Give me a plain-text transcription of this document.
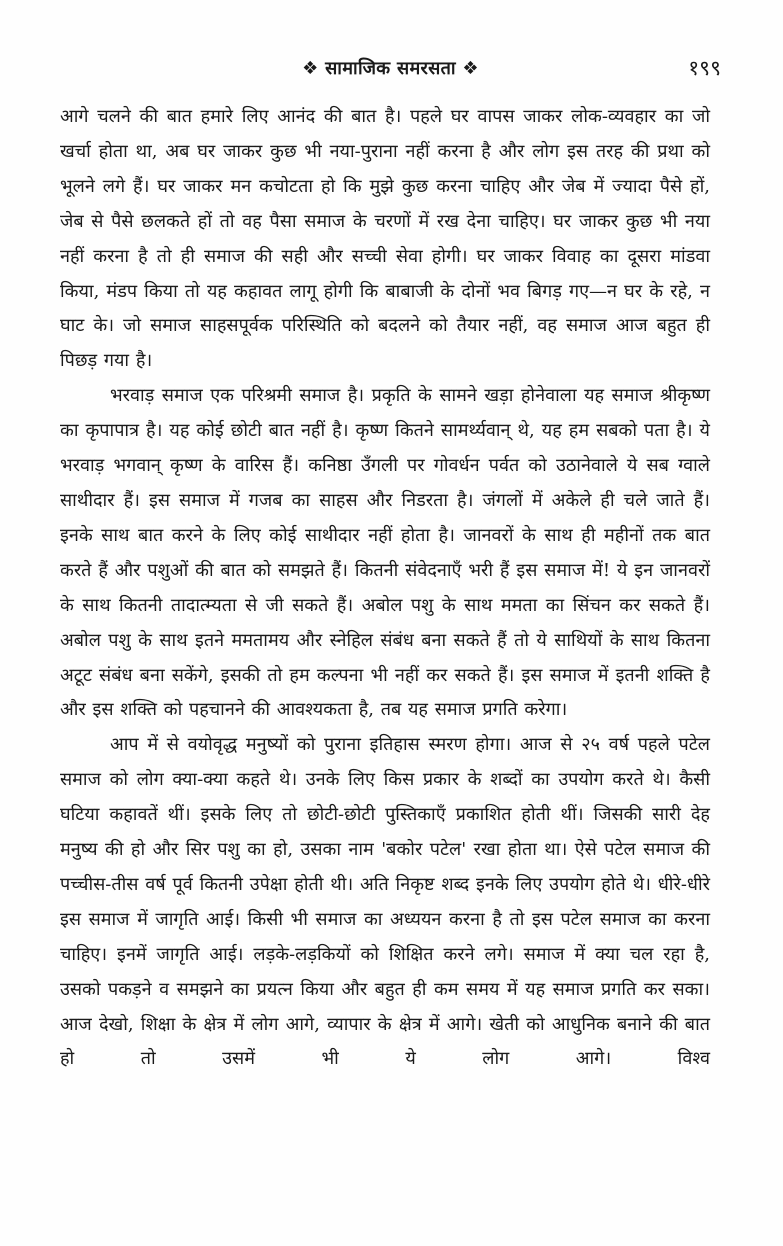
❖ सामाजिक समरसता ❖	१९९

आगे चलने की बात हमारे लिए आनंद की बात है। पहले घर वापस जाकर लोक-व्यवहार का जो खर्चा होता था, अब घर जाकर कुछ भी नया-पुराना नहीं करना है और लोग इस तरह की प्रथा को भूलने लगे हैं। घर जाकर मन कचोटता हो कि मुझे कुछ करना चाहिए और जेब में ज्यादा पैसे हों, जेब से पैसे छलकते हों तो वह पैसा समाज के चरणों में रख देना चाहिए। घर जाकर कुछ भी नया नहीं करना है तो ही समाज की सही और सच्ची सेवा होगी। घर जाकर विवाह का दूसरा मांडवा किया, मंडप किया तो यह कहावत लागू होगी कि बाबाजी के दोनों भव बिगड़ गए—न घर के रहे, न घाट के। जो समाज साहसपूर्वक परिस्थिति को बदलने को तैयार नहीं, वह समाज आज बहुत ही पिछड़ गया है।

भरवाड़ समाज एक परिश्रमी समाज है। प्रकृति के सामने खड़ा होनेवाला यह समाज श्रीकृष्ण का कृपापात्र है। यह कोई छोटी बात नहीं है। कृष्ण कितने सामर्थ्यवान् थे, यह हम सबको पता है। ये भरवाड़ भगवान् कृष्ण के वारिस हैं। कनिष्ठा उँगली पर गोवर्धन पर्वत को उठानेवाले ये सब ग्वाले साथीदार हैं। इस समाज में गजब का साहस और निडरता है। जंगलों में अकेले ही चले जाते हैं। इनके साथ बात करने के लिए कोई साथीदार नहीं होता है। जानवरों के साथ ही महीनों तक बात करते हैं और पशुओं की बात को समझते हैं। कितनी संवेदनाएँ भरी हैं इस समाज में! ये इन जानवरों के साथ कितनी तादात्म्यता से जी सकते हैं। अबोल पशु के साथ ममता का सिंचन कर सकते हैं। अबोल पशु के साथ इतने ममतामय और स्नेहिल संबंध बना सकते हैं तो ये साथियों के साथ कितना अटूट संबंध बना सकेंगे, इसकी तो हम कल्पना भी नहीं कर सकते हैं। इस समाज में इतनी शक्ति है और इस शक्ति को पहचानने की आवश्यकता है, तब यह समाज प्रगति करेगा।

आप में से वयोवृद्ध मनुष्यों को पुराना इतिहास स्मरण होगा। आज से २५ वर्ष पहले पटेल समाज को लोग क्या-क्या कहते थे। उनके लिए किस प्रकार के शब्दों का उपयोग करते थे। कैसी घटिया कहावतें थीं। इसके लिए तो छोटी-छोटी पुस्तिकाएँ प्रकाशित होती थीं। जिसकी सारी देह मनुष्य की हो और सिर पशु का हो, उसका नाम 'बकोर पटेल' रखा होता था। ऐसे पटेल समाज की पच्चीस-तीस वर्ष पूर्व कितनी उपेक्षा होती थी। अति निकृष्ट शब्द इनके लिए उपयोग होते थे। धीरे-धीरे इस समाज में जागृति आई। किसी भी समाज का अध्ययन करना है तो इस पटेल समाज का करना चाहिए। इनमें जागृति आई। लड़के-लड़कियों को शिक्षित करने लगे। समाज में क्या चल रहा है, उसको पकड़ने व समझने का प्रयत्न किया और बहुत ही कम समय में यह समाज प्रगति कर सका। आज देखो, शिक्षा के क्षेत्र में लोग आगे, व्यापार के क्षेत्र में आगे। खेती को आधुनिक बनाने की बात हो तो उसमें भी ये लोग आगे। विश्व
